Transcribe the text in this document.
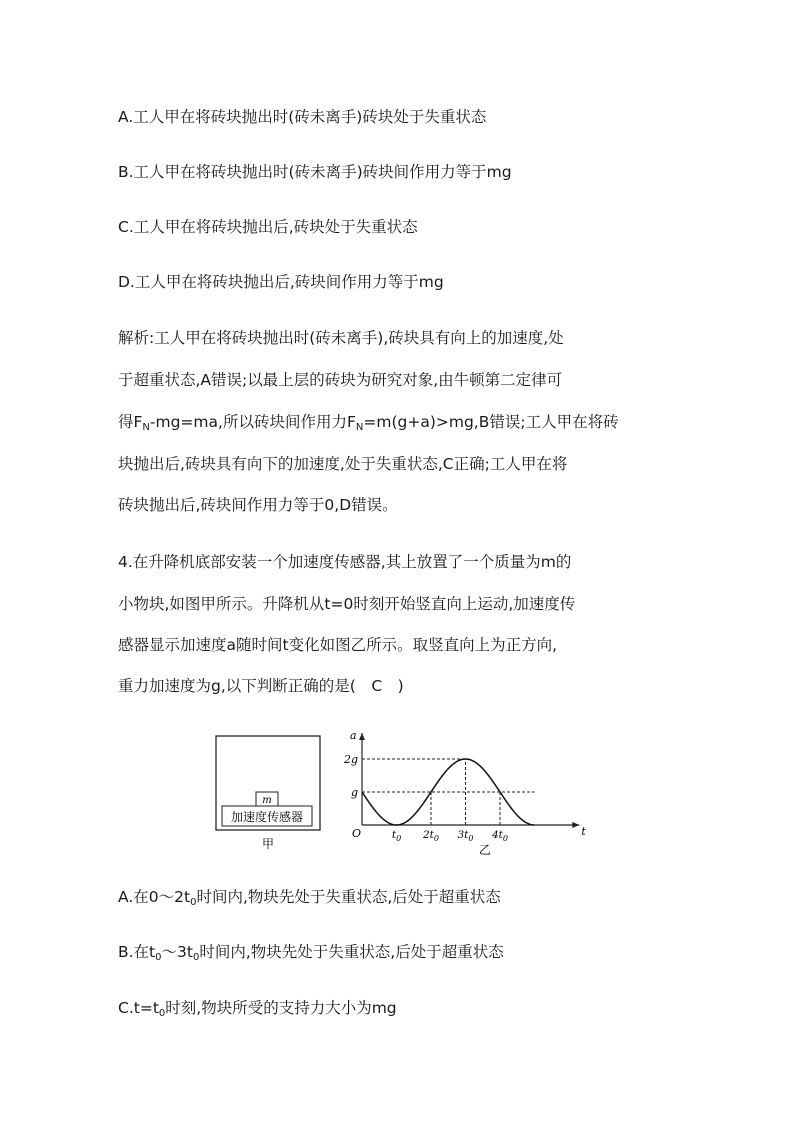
A.工人甲在将砖块抛出时(砖未离手)砖块处于失重状态
B.工人甲在将砖块抛出时(砖未离手)砖块间作用力等于mg
C.工人甲在将砖块抛出后,砖块处于失重状态
D.工人甲在将砖块抛出后,砖块间作用力等于mg
解析:工人甲在将砖块抛出时(砖未离手),砖块具有向上的加速度,处
于超重状态,A错误;以最上层的砖块为研究对象,由牛顿第二定律可
得$F_N-mg=ma$,所以砖块间作用力$F_N=m(g+a)>mg,B$错误;工人甲在将砖
块抛出后,砖块具有向下的加速度,处于失重状态,C正确;工人甲在将
砖块抛出后,砖块间作用力等于0,D错误。
4.在升降机底部安装一个加速度传感器,其上放置了一个质量为m的
小物块,如图甲所示。升降机从t=0时刻开始竖直向上运动,加速度传
感器显示加速度a随时间t变化如图乙所示。取竖直向上为正方向,
重力加速度为g,以下判断正确的是(　C　)
m
加速度传感器
甲
a
t
O
2g
g
$t_0$ $2t_0$ $3t_0$ $4t_0$
乙
A.在$0\sim 2t_0$时间内,物块先处于失重状态,后处于超重状态
B.在$t_0\sim 3t_0$时间内,物块先处于失重状态,后处于超重状态
$C.t=t_0$时刻,物块所受的支持力大小为mg
